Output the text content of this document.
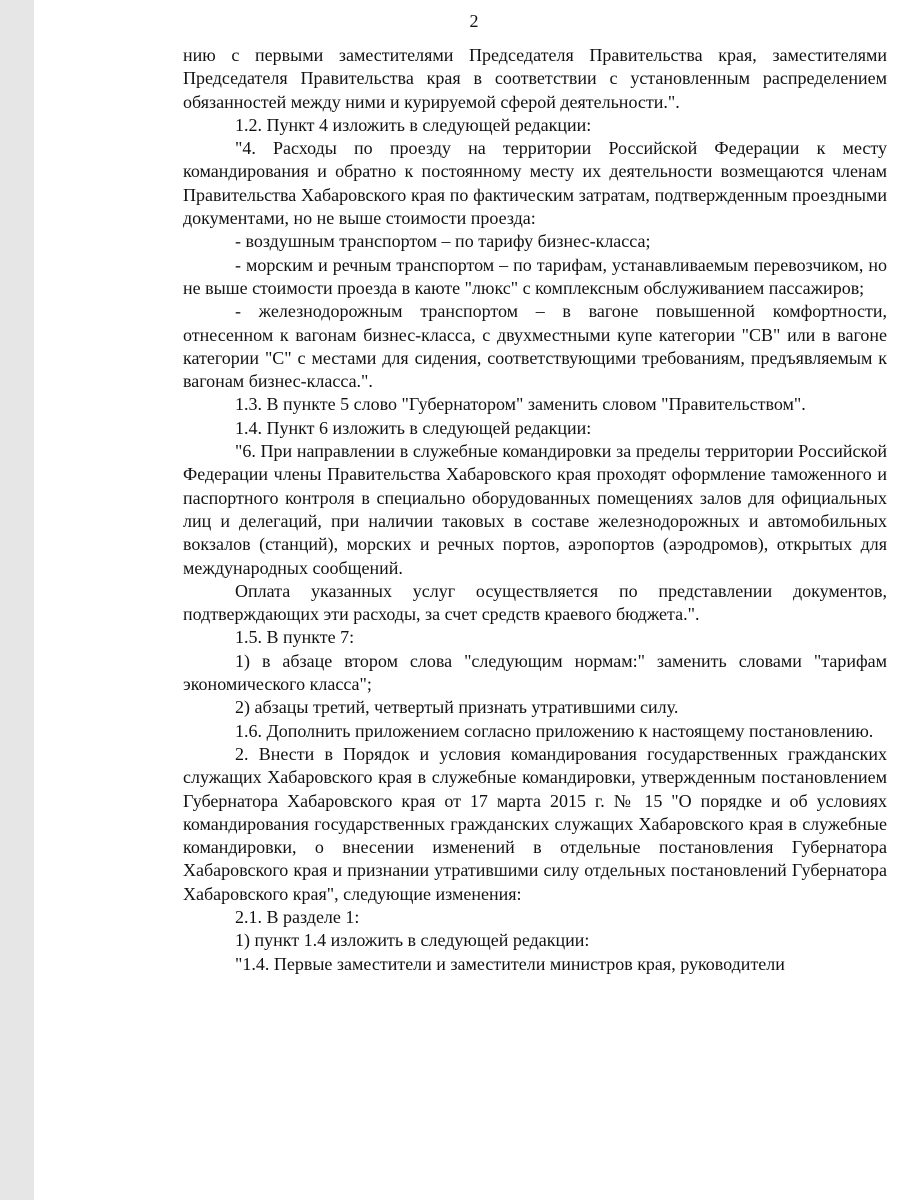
2

нию с первыми заместителями Председателя Правительства края, заместителями Председателя Правительства края в соответствии с установленным распределением обязанностей между ними и курируемой сферой деятельности.".

1.2. Пункт 4 изложить в следующей редакции:

"4. Расходы по проезду на территории Российской Федерации к месту командирования и обратно к постоянному месту их деятельности возмещаются членам Правительства Хабаровского края по фактическим затратам, подтвержденным проездными документами, но не выше стоимости проезда:

- воздушным транспортом – по тарифу бизнес-класса;

- морским и речным транспортом – по тарифам, устанавливаемым перевозчиком, но не выше стоимости проезда в каюте "люкс" с комплексным обслуживанием пассажиров;

- железнодорожным транспортом – в вагоне повышенной комфортности, отнесенном к вагонам бизнес-класса, с двухместными купе категории "СВ" или в вагоне категории "С" с местами для сидения, соответствующими требованиям, предъявляемым к вагонам бизнес-класса.".

1.3. В пункте 5 слово "Губернатором" заменить словом "Правительством".

1.4. Пункт 6 изложить в следующей редакции:

"6. При направлении в служебные командировки за пределы территории Российской Федерации члены Правительства Хабаровского края проходят оформление таможенного и паспортного контроля в специально оборудованных помещениях залов для официальных лиц и делегаций, при наличии таковых в составе железнодорожных и автомобильных вокзалов (станций), морских и речных портов, аэропортов (аэродромов), открытых для международных сообщений.

Оплата указанных услуг осуществляется по представлении документов, подтверждающих эти расходы, за счет средств краевого бюджета.".

1.5. В пункте 7:

1) в абзаце втором слова "следующим нормам:" заменить словами "тарифам экономического класса";

2) абзацы третий, четвертый признать утратившими силу.

1.6. Дополнить приложением согласно приложению к настоящему постановлению.

2. Внести в Порядок и условия командирования государственных гражданских служащих Хабаровского края в служебные командировки, утвержденным постановлением Губернатора Хабаровского края от 17 марта 2015 г. № 15 "О порядке и об условиях командирования государственных гражданских служащих Хабаровского края в служебные командировки, о внесении изменений в отдельные постановления Губернатора Хабаровского края и признании утратившими силу отдельных постановлений Губернатора Хабаровского края", следующие изменения:

2.1. В разделе 1:

1) пункт 1.4 изложить в следующей редакции:

"1.4. Первые заместители и заместители министров края, руководители
